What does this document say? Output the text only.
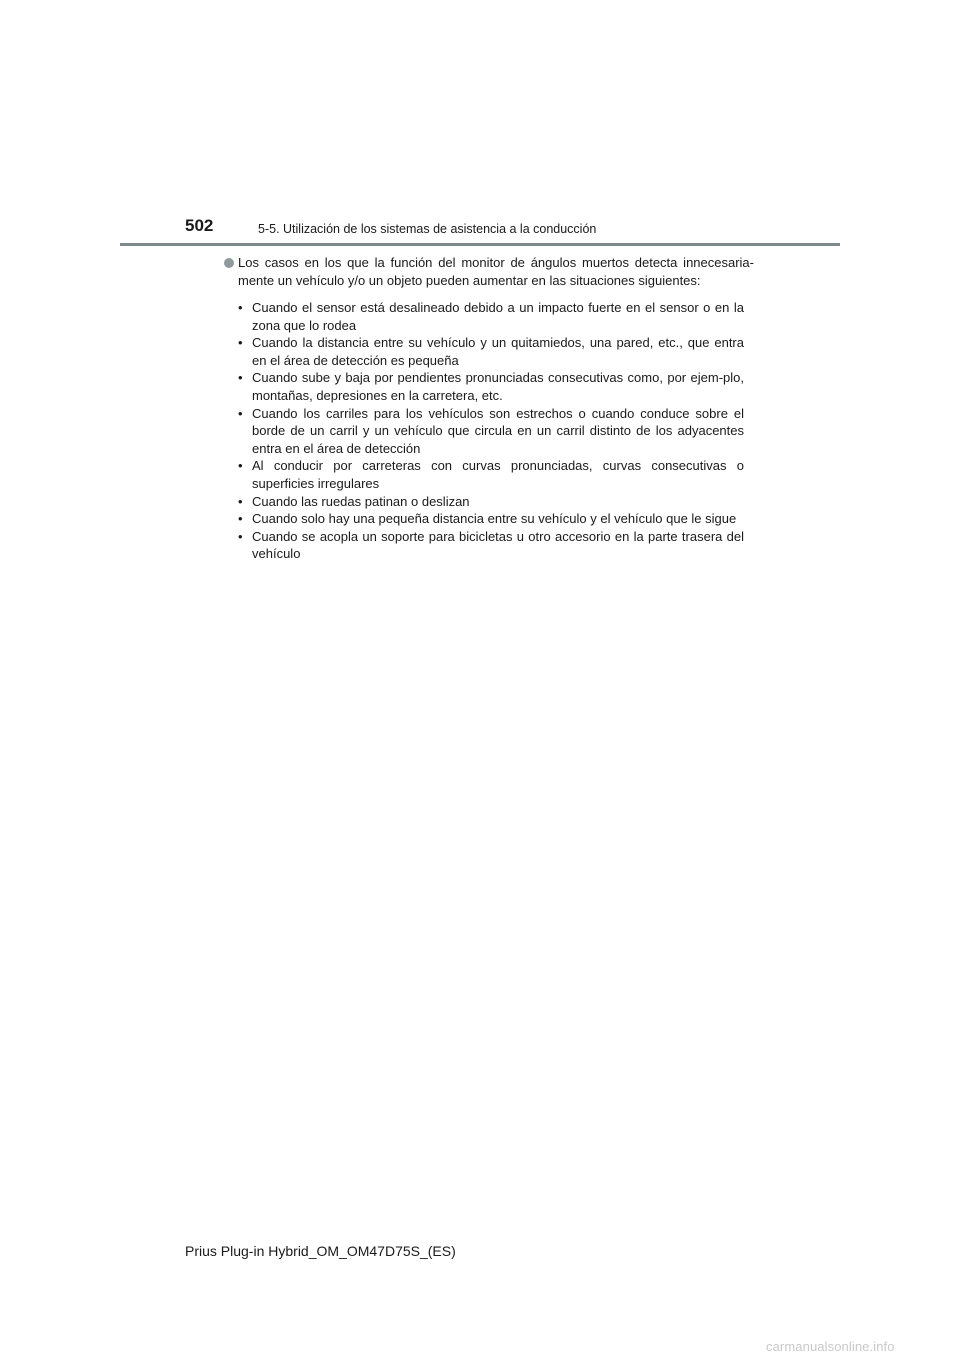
502	5-5. Utilización de los sistemas de asistencia a la conducción

Los casos en los que la función del monitor de ángulos muertos detecta innecesaria-mente un vehículo y/o un objeto pueden aumentar en las situaciones siguientes:

• Cuando el sensor está desalineado debido a un impacto fuerte en el sensor o en la zona que lo rodea
• Cuando la distancia entre su vehículo y un quitamiedos, una pared, etc., que entra en el área de detección es pequeña
• Cuando sube y baja por pendientes pronunciadas consecutivas como, por ejem-plo, montañas, depresiones en la carretera, etc.
• Cuando los carriles para los vehículos son estrechos o cuando conduce sobre el borde de un carril y un vehículo que circula en un carril distinto de los adyacentes entra en el área de detección
• Al conducir por carreteras con curvas pronunciadas, curvas consecutivas o superficies irregulares
• Cuando las ruedas patinan o deslizan
• Cuando solo hay una pequeña distancia entre su vehículo y el vehículo que le sigue
• Cuando se acopla un soporte para bicicletas u otro accesorio en la parte trasera del vehículo
Prius Plug-in Hybrid_OM_OM47D75S_(ES)
carmanualsonline.info
